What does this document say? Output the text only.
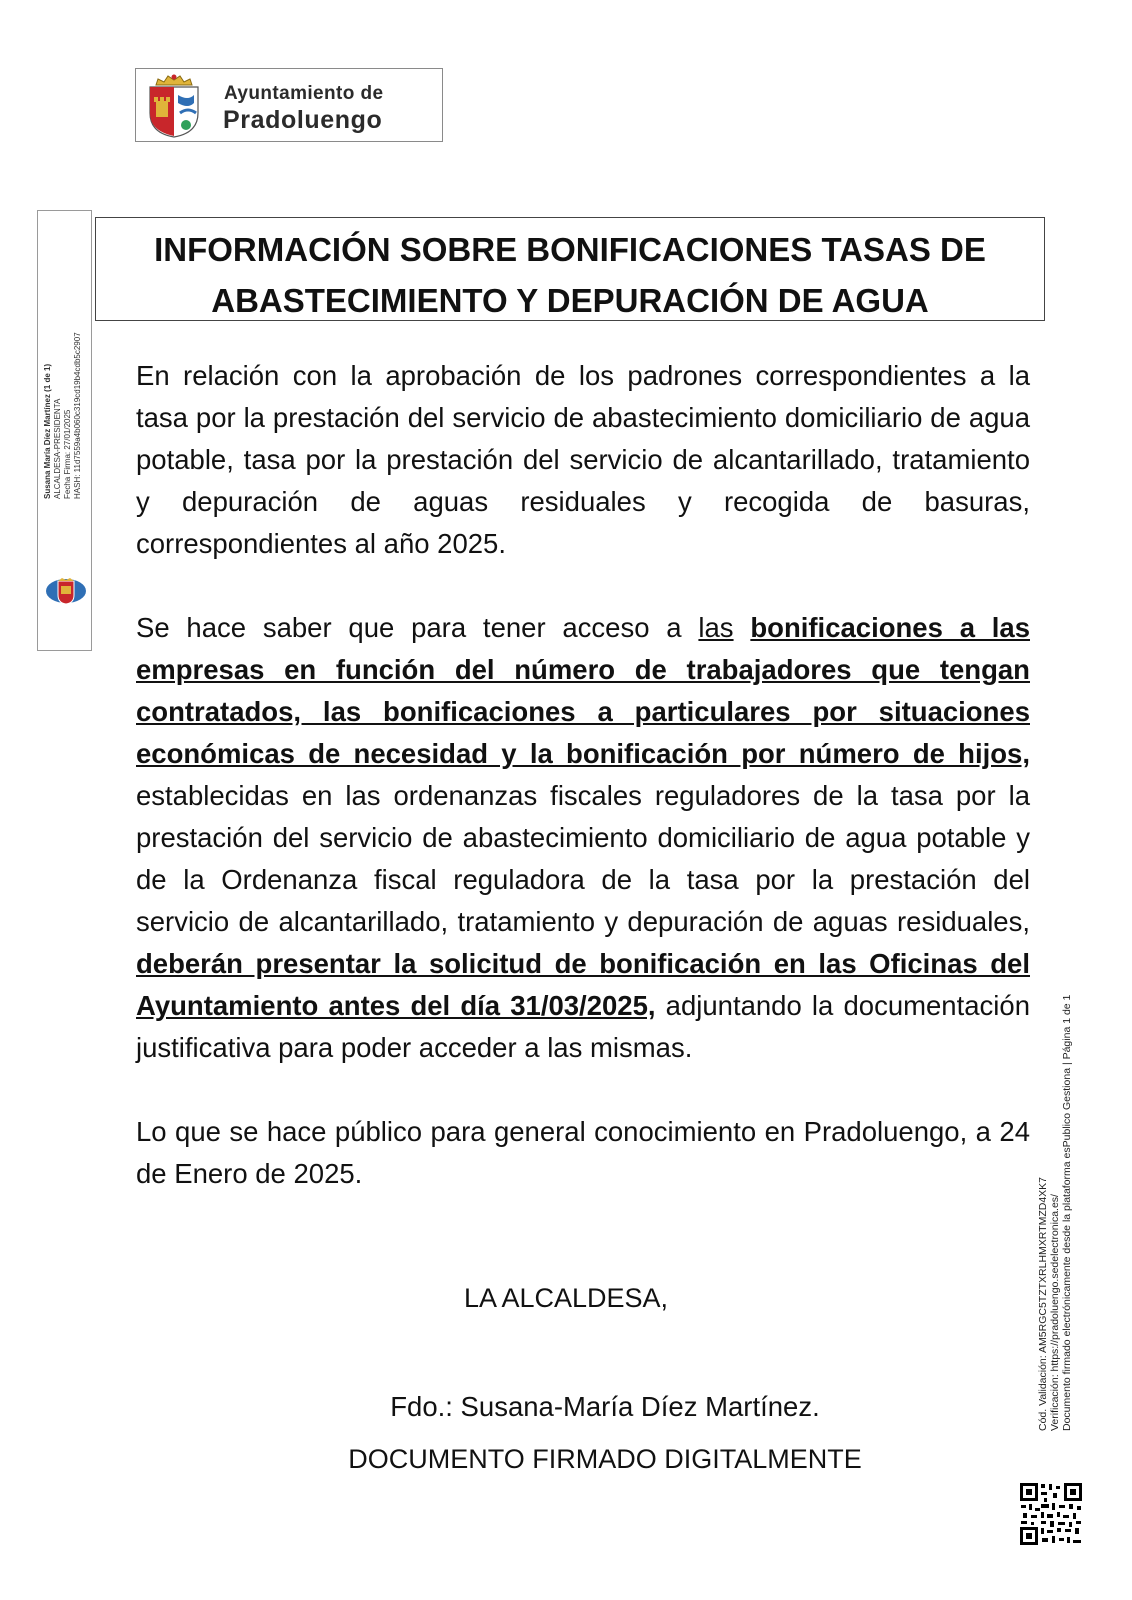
Ayuntamiento de
Pradoluengo
Susana María Díez Martínez (1 de 1) ALCALDESA-PRESIDENTA Fecha Firma: 27/01/2025 HASH: 11d7559a4b060c319cd19b4cdb5c2907
INFORMACIÓN SOBRE BONIFICACIONES TASAS DE
ABASTECIMIENTO Y DEPURACIÓN DE AGUA

En relación con la aprobación de los padrones correspondientes a la tasa por la prestación del servicio de abastecimiento domiciliario de agua potable, tasa por la prestación del servicio de alcantarillado, tratamiento y depuración de aguas residuales y recogida de basuras, correspondientes al año 2025.

Se hace saber que para tener acceso a las bonificaciones a las empresas en función del número de trabajadores que tengan contratados, las bonificaciones a particulares por situaciones económicas de necesidad y la bonificación por número de hijos, establecidas en las ordenanzas fiscales reguladores de la tasa por la prestación del servicio de abastecimiento domiciliario de agua potable y de la Ordenanza fiscal reguladora de la tasa por la prestación del servicio de alcantarillado, tratamiento y depuración de aguas residuales, deberán presentar la solicitud de bonificación en las Oficinas del Ayuntamiento antes del día 31/03/2025, adjuntando la documentación justificativa para poder acceder a las mismas.

Lo que se hace público para general conocimiento en Pradoluengo, a 24 de Enero de 2025.

LA ALCALDESA,
Fdo.: Susana-María Díez Martínez.
DOCUMENTO FIRMADO DIGITALMENTE
Cód. Validación: AM5RGC5TZTXRLHMXRTMZD4XK7 Verificación: https://pradoluengo.sedelectronica.es/ Documento firmado electrónicamente desde la plataforma esPublico Gestiona | Página 1 de 1
